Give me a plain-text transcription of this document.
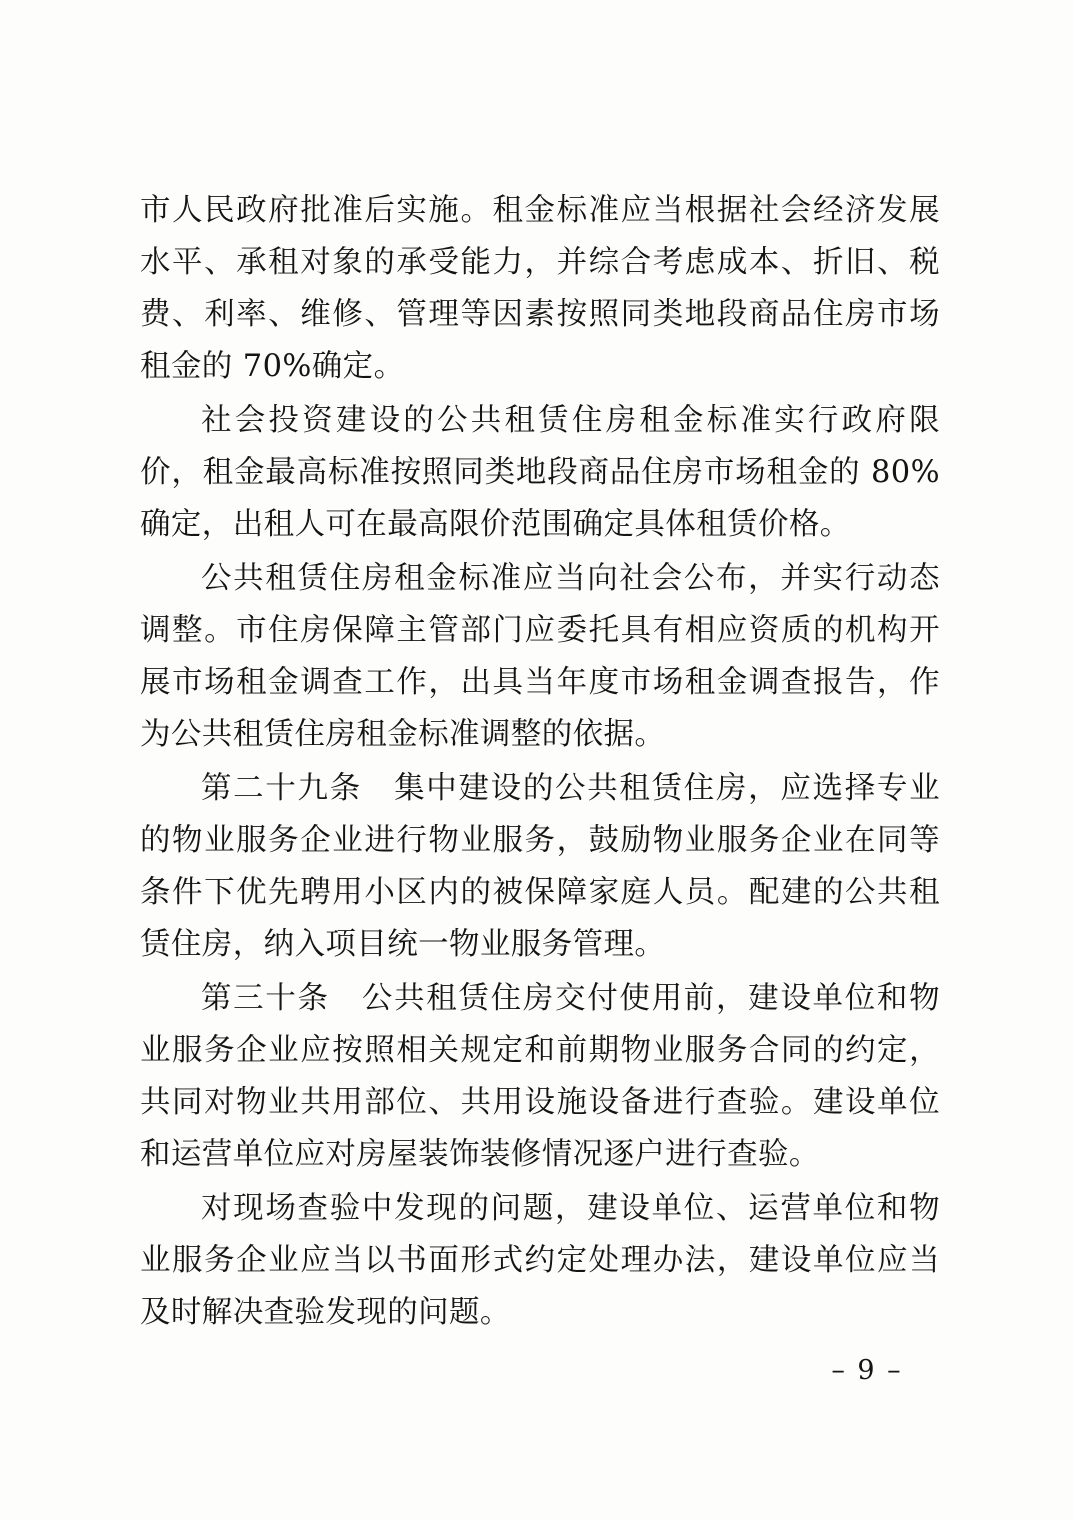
市人民政府批准后实施。租金标准应当根据社会经济发展水平、承租对象的承受能力，并综合考虑成本、折旧、税费、利率、维修、管理等因素按照同类地段商品住房市场租金的 70%确定。

社会投资建设的公共租赁住房租金标准实行政府限价，租金最高标准按照同类地段商品住房市场租金的 80%确定，出租人可在最高限价范围确定具体租赁价格。

公共租赁住房租金标准应当向社会公布，并实行动态调整。市住房保障主管部门应委托具有相应资质的机构开展市场租金调查工作，出具当年度市场租金调查报告，作为公共租赁住房租金标准调整的依据。

第二十九条　集中建设的公共租赁住房，应选择专业的物业服务企业进行物业服务，鼓励物业服务企业在同等条件下优先聘用小区内的被保障家庭人员。配建的公共租赁住房，纳入项目统一物业服务管理。

第三十条　公共租赁住房交付使用前，建设单位和物业服务企业应按照相关规定和前期物业服务合同的约定，共同对物业共用部位、共用设施设备进行查验。建设单位和运营单位应对房屋装饰装修情况逐户进行查验。

对现场查验中发现的问题，建设单位、运营单位和物业服务企业应当以书面形式约定处理办法，建设单位应当及时解决查验发现的问题。

– 9 –
